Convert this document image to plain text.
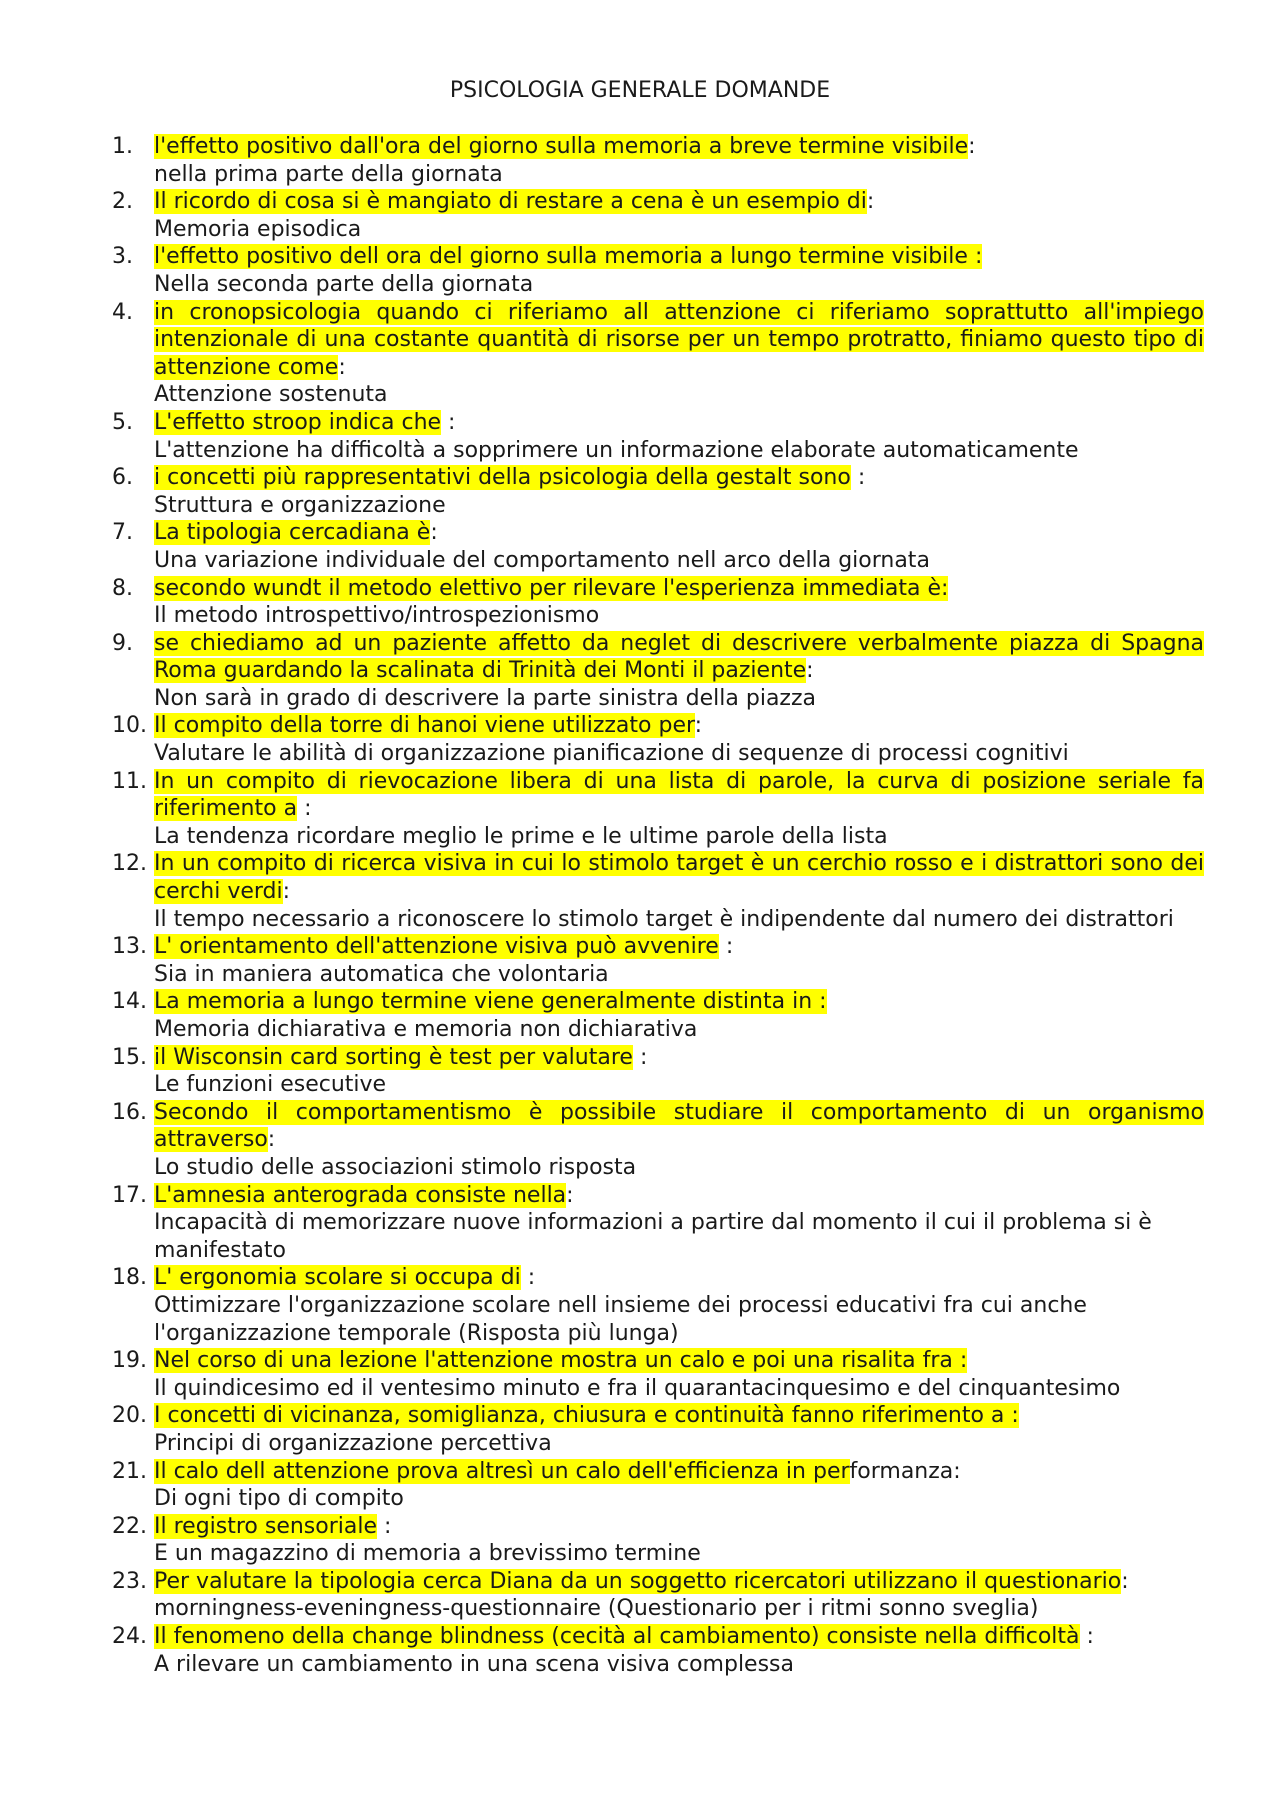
PSICOLOGIA GENERALE DOMANDE
1. l'effetto positivo dall'ora del giorno sulla memoria a breve termine visibile:
nella prima parte della giornata
2. Il ricordo di cosa si è mangiato di restare a cena è un esempio di:
Memoria episodica
3. l'effetto positivo dell ora del giorno sulla memoria a lungo termine visibile :
Nella seconda parte della giornata
4. in cronopsicologia quando ci riferiamo all attenzione ci riferiamo soprattutto all'impiego intenzionale di una costante quantità di risorse per un tempo protratto, finiamo questo tipo di attenzione come:
Attenzione sostenuta
5. L'effetto stroop indica che :
L'attenzione ha difficoltà a sopprimere un informazione elaborate automaticamente
6. i concetti più rappresentativi della psicologia della gestalt sono :
Struttura e organizzazione
7. La tipologia cercadiana è:
Una variazione individuale del comportamento nell arco della giornata
8. secondo wundt il metodo elettivo per rilevare l'esperienza immediata è:
Il metodo introspettivo/introspezionismo
9. se chiediamo ad un paziente affetto da neglet di descrivere verbalmente piazza di Spagna Roma guardando la scalinata di Trinità dei Monti il paziente:
Non sarà in grado di descrivere la parte sinistra della piazza
10. Il compito della torre di hanoi viene utilizzato per:
Valutare le abilità di organizzazione pianificazione di sequenze di processi cognitivi
11. In un compito di rievocazione libera di una lista di parole, la curva di posizione seriale fa riferimento a :
La tendenza ricordare meglio le prime e le ultime parole della lista
12. In un compito di ricerca visiva in cui lo stimolo target è un cerchio rosso e i distrattori sono dei cerchi verdi:
Il tempo necessario a riconoscere lo stimolo target è indipendente dal numero dei distrattori
13. L' orientamento dell'attenzione visiva può avvenire :
Sia in maniera automatica che volontaria
14. La memoria a lungo termine viene generalmente distinta in :
Memoria dichiarativa e memoria non dichiarativa
15. il Wisconsin card sorting è test per valutare :
Le funzioni esecutive
16. Secondo il comportamentismo è possibile studiare il comportamento di un organismo attraverso:
Lo studio delle associazioni stimolo risposta
17. L'amnesia anterograda consiste nella:
Incapacità di memorizzare nuove informazioni a partire dal momento il cui il problema si è manifestato
18. L' ergonomia scolare si occupa di :
Ottimizzare l'organizzazione scolare nell insieme dei processi educativi fra cui anche l'organizzazione temporale (Risposta più lunga)
19. Nel corso di una lezione l'attenzione mostra un calo e poi una risalita fra :
Il quindicesimo ed il ventesimo minuto e fra il quarantacinquesimo e del cinquantesimo
20. I concetti di vicinanza, somiglianza, chiusura e continuità fanno riferimento a :
Principi di organizzazione percettiva
21. Il calo dell attenzione prova altresì un calo dell'efficienza in performanza:
Di ogni tipo di compito
22. Il registro sensoriale :
E un magazzino di memoria a brevissimo termine
23. Per valutare la tipologia cerca Diana da un soggetto ricercatori utilizzano il questionario:
morningness-eveningness-questionnaire (Questionario per i ritmi sonno sveglia)
24. Il fenomeno della change blindness (cecità al cambiamento) consiste nella difficoltà :
A rilevare un cambiamento in una scena visiva complessa
